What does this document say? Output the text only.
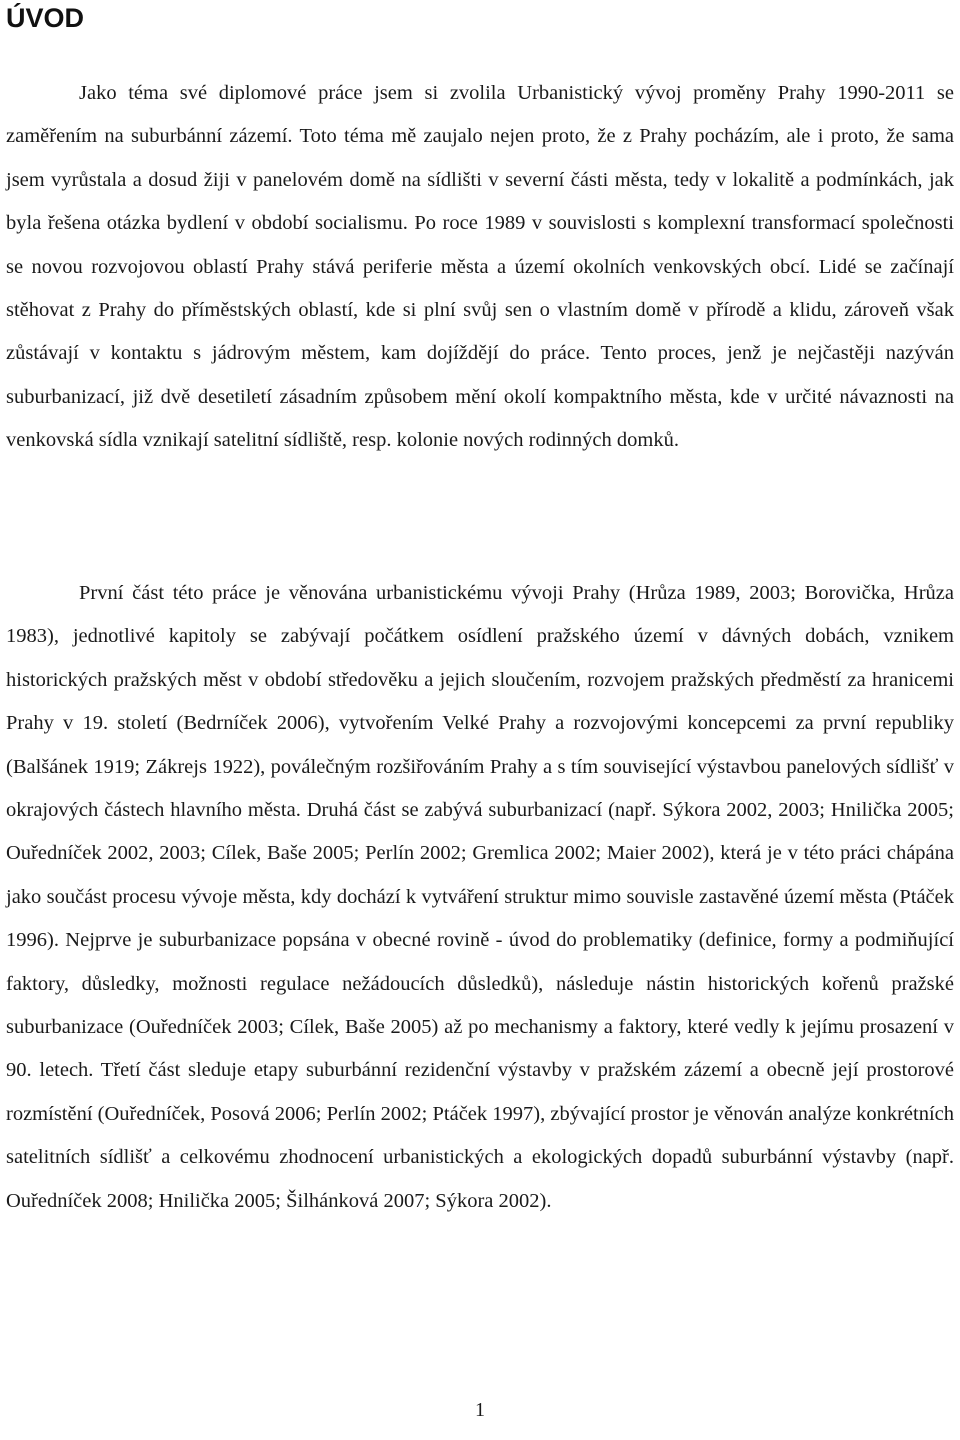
ÚVOD

Jako téma své diplomové práce jsem si zvolila Urbanistický vývoj proměny Prahy 1990-2011 se zaměřením na suburbánní zázemí. Toto téma mě zaujalo nejen proto, že z Prahy pocházím, ale i proto, že sama jsem vyrůstala a dosud žiji v panelovém domě na sídlišti v severní části města, tedy v lokalitě a podmínkách, jak byla řešena otázka bydlení v období socialismu. Po roce 1989 v souvislosti s komplexní transformací společnosti se novou rozvojovou oblastí Prahy stává periferie města a území okolních venkovských obcí. Lidé se začínají stěhovat z Prahy do příměstských oblastí, kde si plní svůj sen o vlastním domě v přírodě a klidu, zároveň však zůstávají v kontaktu s jádrovým městem, kam dojíždějí do práce. Tento proces, jenž je nejčastěji nazýván suburbanizací, již dvě desetiletí zásadním způsobem mění okolí kompaktního města, kde v určité návaznosti na venkovská sídla vznikají satelitní sídliště, resp. kolonie nových rodinných domků.

První část této práce je věnována urbanistickému vývoji Prahy (Hrůza 1989, 2003; Borovička, Hrůza 1983), jednotlivé kapitoly se zabývají počátkem osídlení pražského území v dávných dobách, vznikem historických pražských měst v období středověku a jejich sloučením, rozvojem pražských předměstí za hranicemi Prahy v 19. století (Bedrníček 2006), vytvořením Velké Prahy a rozvojovými koncepcemi za první republiky (Balšánek 1919; Zákrejs 1922), poválečným rozšiřováním Prahy a s tím související výstavbou panelových sídlišť v okrajových částech hlavního města. Druhá část se zabývá suburbanizací (např. Sýkora 2002, 2003; Hnilička 2005; Ouředníček 2002, 2003; Cílek, Baše 2005; Perlín 2002; Gremlica 2002; Maier 2002), která je v této práci chápána jako součást procesu vývoje města, kdy dochází k vytváření struktur mimo souvisle zastavěné území města (Ptáček 1996). Nejprve je suburbanizace popsána v obecné rovině - úvod do problematiky (definice, formy a podmiňující faktory, důsledky, možnosti regulace nežádoucích důsledků), následuje nástin historických kořenů pražské suburbanizace (Ouředníček 2003; Cílek, Baše 2005) až po mechanismy a faktory, které vedly k jejímu prosazení v 90. letech. Třetí část sleduje etapy suburbánní rezidenční výstavby v pražském zázemí a obecně její prostorové rozmístění (Ouředníček, Posová 2006; Perlín 2002; Ptáček 1997), zbývající prostor je věnován analýze konkrétních satelitních sídlišť a celkovému zhodnocení urbanistických a ekologických dopadů suburbánní výstavby (např. Ouředníček 2008; Hnilička 2005; Šilhánková 2007; Sýkora 2002).

1
